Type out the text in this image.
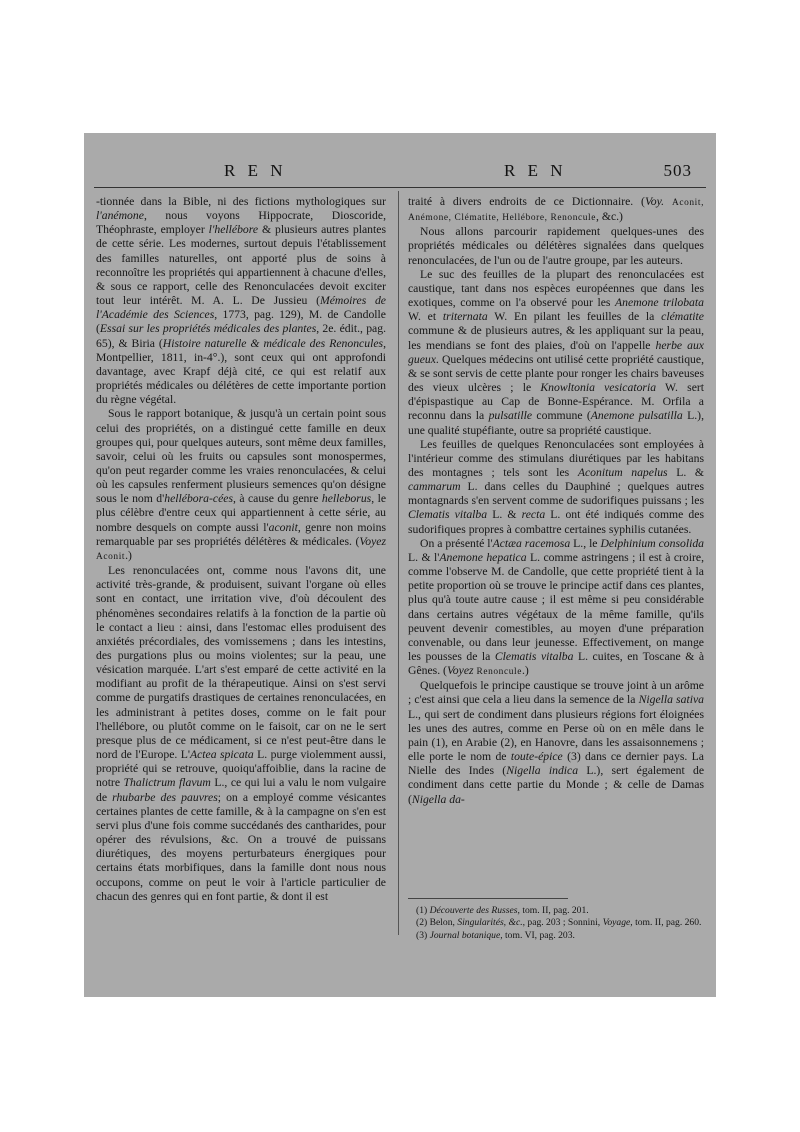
R E N	R E N	503

-tionnée dans la Bible, ni des fictions mythologiques sur l'anémone, nous voyons Hippocrate, Dioscoride, Théophraste, employer l'hellébore & plusieurs autres plantes de cette série. Les modernes, surtout depuis l'établissement des familles naturelles, ont apporté plus de soins à reconnoître les propriétés qui appartiennent à chacune d'elles, & sous ce rapport, celle des Renonculacées devoit exciter tout leur intérêt. M. A. L. De Jussieu (Mémoires de l'Académie des Sciences, 1773, pag. 129), M. de Candolle (Essai sur les propriétés médicales des plantes, 2e. édit., pag. 65), & Biria (Histoire naturelle & médicale des Renoncules, Montpellier, 1811, in-4°.), sont ceux qui ont approfondi davantage, avec Krapf déjà cité, ce qui est relatif aux propriétés médicales ou délétères de cette importante portion du règne végétal.

Sous le rapport botanique, & jusqu'à un certain point sous celui des propriétés, on a distingué cette famille en deux groupes qui, pour quelques auteurs, sont même deux familles, savoir, celui où les fruits ou capsules sont monospermes, qu'on peut regarder comme les vraies renonculacées, & celui où les capsules renferment plusieurs semences qu'on désigne sous le nom d'hellébora-cées, à cause du genre helleborus, le plus célèbre d'entre ceux qui appartiennent à cette série, au nombre desquels on compte aussi l'aconit, genre non moins remarquable par ses propriétés délétères & médicales. (Voyez Aconit.)

Les renonculacées ont, comme nous l'avons dit, une activité très-grande, & produisent, suivant l'organe où elles sont en contact, une irritation vive, d'où découlent des phénomènes secondaires relatifs à la fonction de la partie où le contact a lieu : ainsi, dans l'estomac elles produisent des anxiétés précordiales, des vomissemens ; dans les intestins, des purgations plus ou moins violentes; sur la peau, une vésication marquée. L'art s'est emparé de cette activité en la modifiant au profit de la thérapeutique. Ainsi on s'est servi comme de purgatifs drastiques de certaines renonculacées, en les administrant à petites doses, comme on le fait pour l'hellébore, ou plutôt comme on le faisoit, car on ne le sert presque plus de ce médicament, si ce n'est peut-être dans le nord de l'Europe. L'Actea spicata L. purge violemment aussi, propriété qui se retrouve, quoiqu'affoiblie, dans la racine de notre Thalictrum flavum L., ce qui lui a valu le nom vulgaire de rhubarbe des pauvres; on a employé comme vésicantes certaines plantes de cette famille, & à la campagne on s'en est servi plus d'une fois comme succédanés des cantharides, pour opérer des révulsions, &c. On a trouvé de puissans diurétiques, des moyens perturbateurs énergiques pour certains états morbifiques, dans la famille dont nous nous occupons, comme on peut le voir à l'article particulier de chacun des genres qui en font partie, & dont il est

traité à divers endroits de ce Dictionnaire. (Voy. Aconit, Anémone, Clématite, Hellébore, Renoncule, &c.)

Nous allons parcourir rapidement quelques-unes des propriétés médicales ou délétères signalées dans quelques renonculacées, de l'un ou de l'autre groupe, par les auteurs.

Le suc des feuilles de la plupart des renonculacées est caustique, tant dans nos espèces européennes que dans les exotiques, comme on l'a observé pour les Anemone trilobata W. et triternata W. En pilant les feuilles de la clématite commune & de plusieurs autres, & les appliquant sur la peau, les mendians se font des plaies, d'où on l'appelle herbe aux gueux. Quelques médecins ont utilisé cette propriété caustique, & se sont servis de cette plante pour ronger les chairs baveuses des vieux ulcères ; le Knowltonia vesicatoria W. sert d'épispastique au Cap de Bonne-Espérance. M. Orfila a reconnu dans la pulsatille commune (Anemone pulsatilla L.), une qualité stupéfiante, outre sa propriété caustique.

Les feuilles de quelques Renonculacées sont employées à l'intérieur comme des stimulans diurétiques par les habitans des montagnes ; tels sont les Aconitum napelus L. & cammarum L. dans celles du Dauphiné ; quelques autres montagnards s'en servent comme de sudorifiques puissans ; les Clematis vitalba L. & recta L. ont été indiqués comme des sudorifiques propres à combattre certaines syphilis cutanées.

On a présenté l'Actæa racemosa L., le Delphinium consolida L. & l'Anemone hepatica L. comme astringens ; il est à croire, comme l'observe M. de Candolle, que cette propriété tient à la petite proportion où se trouve le principe actif dans ces plantes, plus qu'à toute autre cause ; il est même si peu considérable dans certains autres végétaux de la même famille, qu'ils peuvent devenir comestibles, au moyen d'une préparation convenable, ou dans leur jeunesse. Effectivement, on mange les pousses de la Clematis vitalba L. cuites, en Toscane & à Gênes. (Voyez Renoncule.)

Quelquefois le principe caustique se trouve joint à un arôme ; c'est ainsi que cela a lieu dans la semence de la Nigella sativa L., qui sert de condiment dans plusieurs régions fort éloignées les unes des autres, comme en Perse où on en mêle dans le pain (1), en Arabie (2), en Hanovre, dans les assaisonnemens ; elle porte le nom de toute-épice (3) dans ce dernier pays. La Nielle des Indes (Nigella indica L.), sert également de condiment dans cette partie du Monde ; & celle de Damas (Nigella da-

(1) Découverte des Russes, tom. II, pag. 201.
(2) Belon, Singularités, &c., pag. 203 ; Sonnini, Voyage, tom. II, pag. 260.
(3) Journal botanique, tom. VI, pag. 203.
